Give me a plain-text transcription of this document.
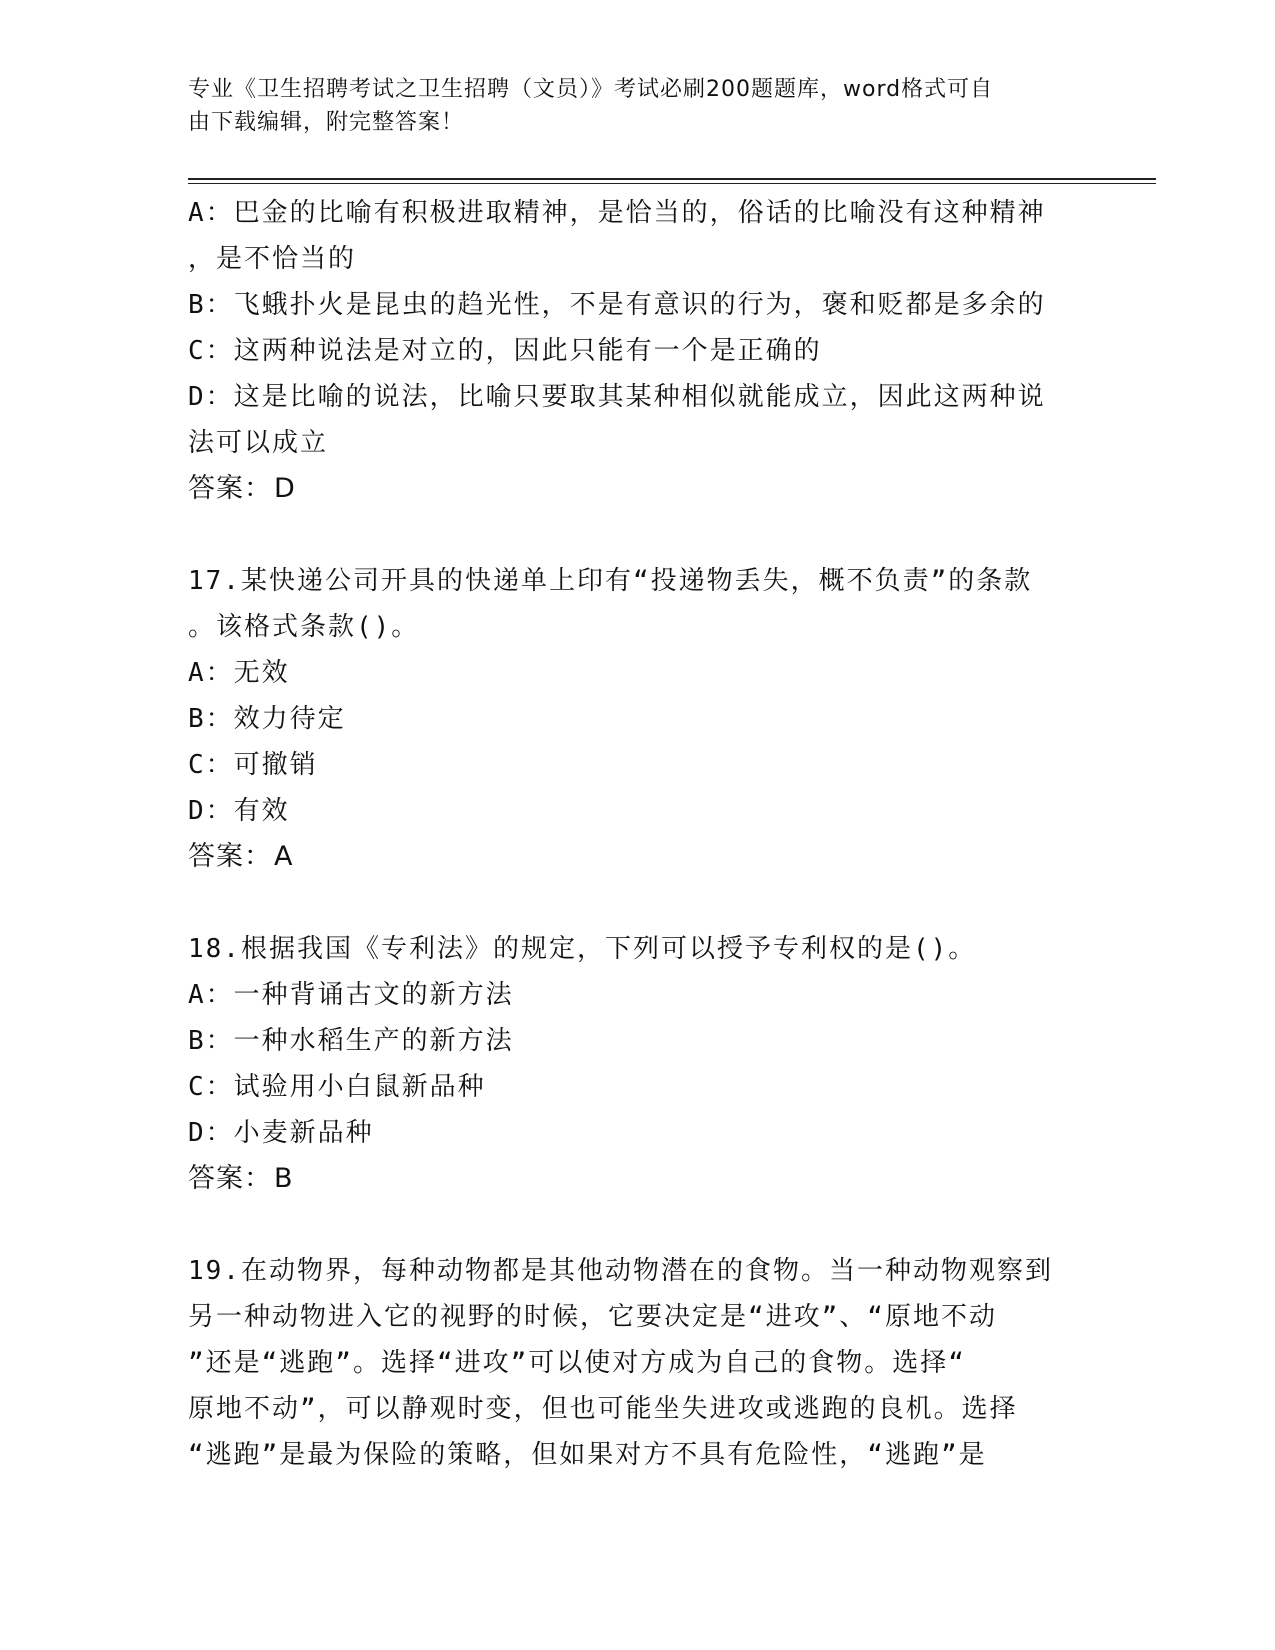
专业《卫生招聘考试之卫生招聘（文员）》考试必刷200题题库，word格式可自
由下载编辑，附完整答案！
A：巴金的比喻有积极进取精神，是恰当的，俗话的比喻没有这种精神
，是不恰当的
B：飞蛾扑火是昆虫的趋光性，不是有意识的行为，褒和贬都是多余的
C：这两种说法是对立的，因此只能有一个是正确的
D：这是比喻的说法，比喻只要取其某种相似就能成立，因此这两种说
法可以成立
答案：D
17.某快递公司开具的快递单上印有“投递物丢失，概不负责”的条款
。该格式条款()。
A：无效
B：效力待定
C：可撤销
D：有效
答案：A
18.根据我国《专利法》的规定，下列可以授予专利权的是()。
A：一种背诵古文的新方法
B：一种水稻生产的新方法
C：试验用小白鼠新品种
D：小麦新品种
答案：B
19.在动物界，每种动物都是其他动物潜在的食物。当一种动物观察到
另一种动物进入它的视野的时候，它要决定是“进攻”、“原地不动
”还是“逃跑”。选择“进攻”可以使对方成为自己的食物。选择“
原地不动”，可以静观时变，但也可能坐失进攻或逃跑的良机。选择
“逃跑”是最为保险的策略，但如果对方不具有危险性，“逃跑”是
